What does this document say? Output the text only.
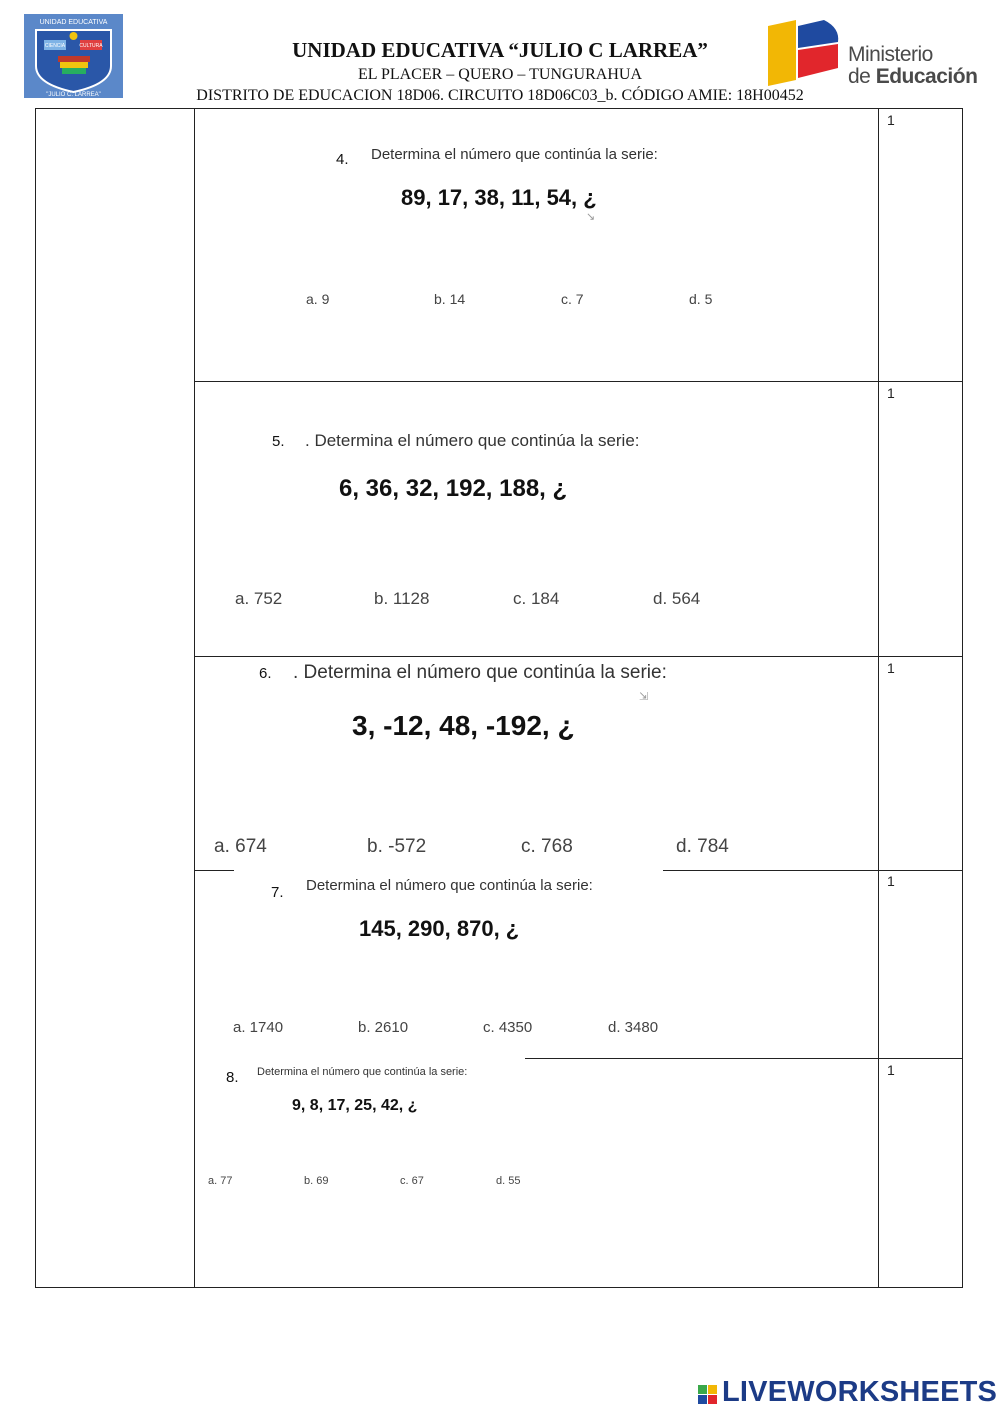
UNIDAD EDUCATIVA
CIENCIA	CULTURA
"JULIO C. LARREA"
UNIDAD EDUCATIVA “JULIO C LARREA”
EL PLACER – QUERO – TUNGURAHUA
DISTRITO DE EDUCACION 18D06. CIRCUITO 18D06C03_b. CÓDIGO AMIE: 18H00452
Ministerio
de Educación
1
4. Determina el número que continúa la serie:
89, 17, 38, 11, 54, ¿
a. 9	b. 14	c. 7	d. 5
↘
1
5. . Determina el número que continúa la serie:
6, 36, 32, 192, 188, ¿
a. 752	b. 1128	c. 184	d. 564
1
6. . Determina el número que continúa la serie:
3, -12, 48, -192, ¿
a. 674	b. -572	c. 768	d. 784
⇲
1
7. Determina el número que continúa la serie:
145, 290, 870, ¿
a. 1740	b. 2610	c. 4350	d. 3480
1
8. Determina el número que continúa la serie:
9, 8, 17, 25, 42, ¿
a. 77	b. 69	c. 67	d. 55
LIVEWORKSHEETS
